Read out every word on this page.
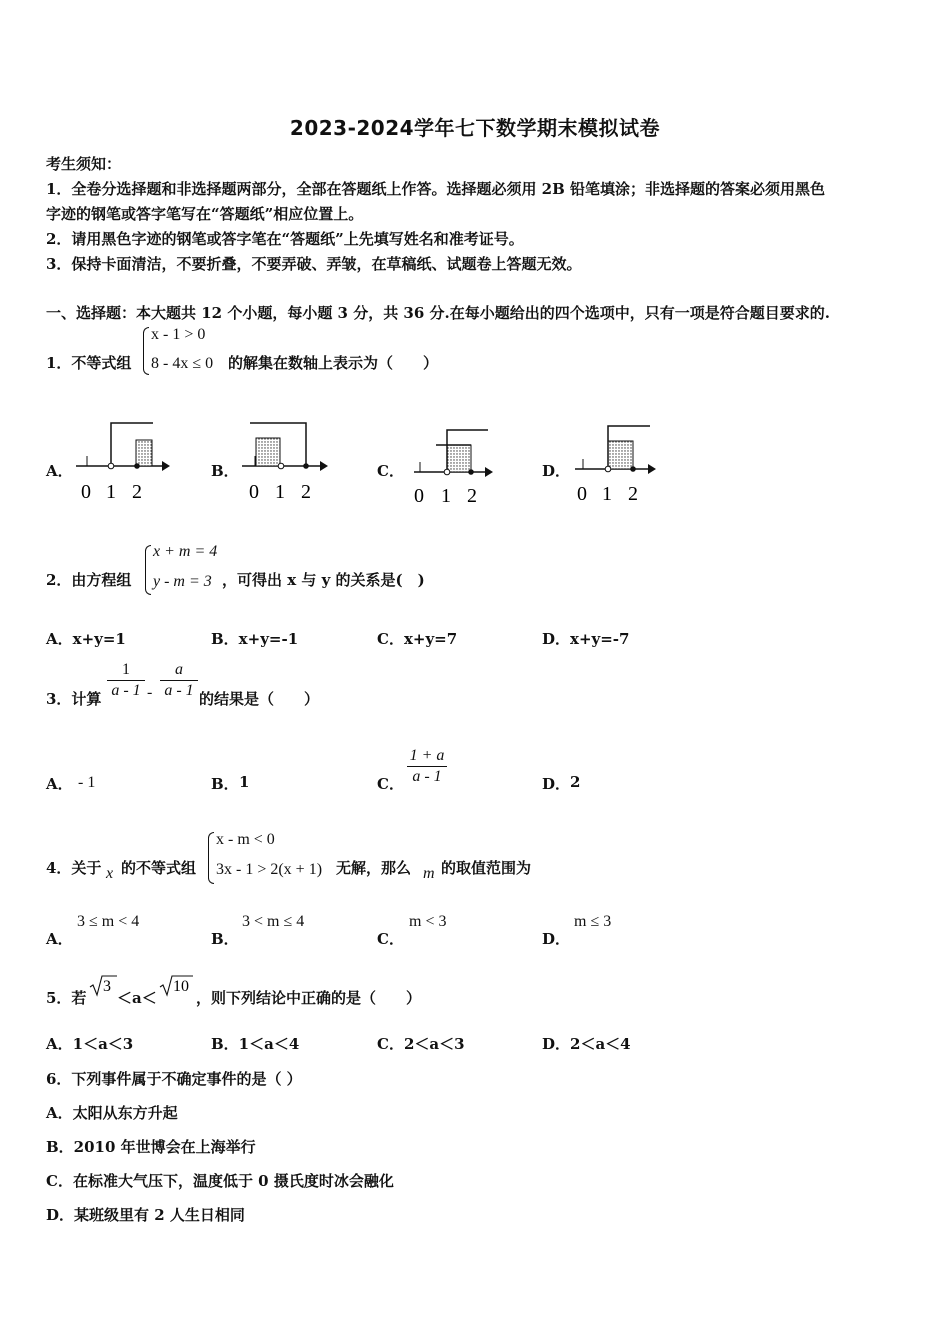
2023-2024学年七下数学期末模拟试卷
考生须知：
1．全卷分选择题和非选择题两部分，全部在答题纸上作答。选择题必须用 2B 铅笔填涂；非选择题的答案必须用黑色
字迹的钢笔或答字笔写在“答题纸”相应位置上。
2．请用黑色字迹的钢笔或答字笔在“答题纸”上先填写姓名和准考证号。
3．保持卡面清洁，不要折叠，不要弄破、弄皱，在草稿纸、试题卷上答题无效。
一、选择题：本大题共 12 个小题，每小题 3 分，共 36 分.在每小题给出的四个选项中，只有一项是符合题目要求的.
1．不等式组
x - 1 > 0
8 - 4x ≤ 0 的解集在数轴上表示为（　　）
A．	B．	C．	D．
0 1 2	0 1 2	0 1 2	0 1 2
2．由方程组
x + m = 4
y - m = 3 ，可得出 x 与 y 的关系是(　)
A．x+y=1	B．x+y=-1	C．x+y=7	D．x+y=-7
3．计算
1
a - 1 -
a
a - 1 的结果是（　　）
A． - 1	B． 1	C．
1 + a
a - 1	D． 2
4．关于 x 的不等式组
x - m < 0
3x - 1 > 2(x + 1) 无解，那么 m 的取值范围为
A．
3 ≤ m < 4
B．
3 < m ≤ 4
C．
m < 3
D．
m ≤ 3
5．若
3
＜a＜
10
，则下列结论中正确的是（　　）
A．1＜a＜3	B．1＜a＜4	C．2＜a＜3	D．2＜a＜4
6．下列事件属于不确定事件的是（ ）
A．太阳从东方升起
B．2010 年世博会在上海举行
C．在标准大气压下，温度低于 0 摄氏度时冰会融化
D．某班级里有 2 人生日相同
